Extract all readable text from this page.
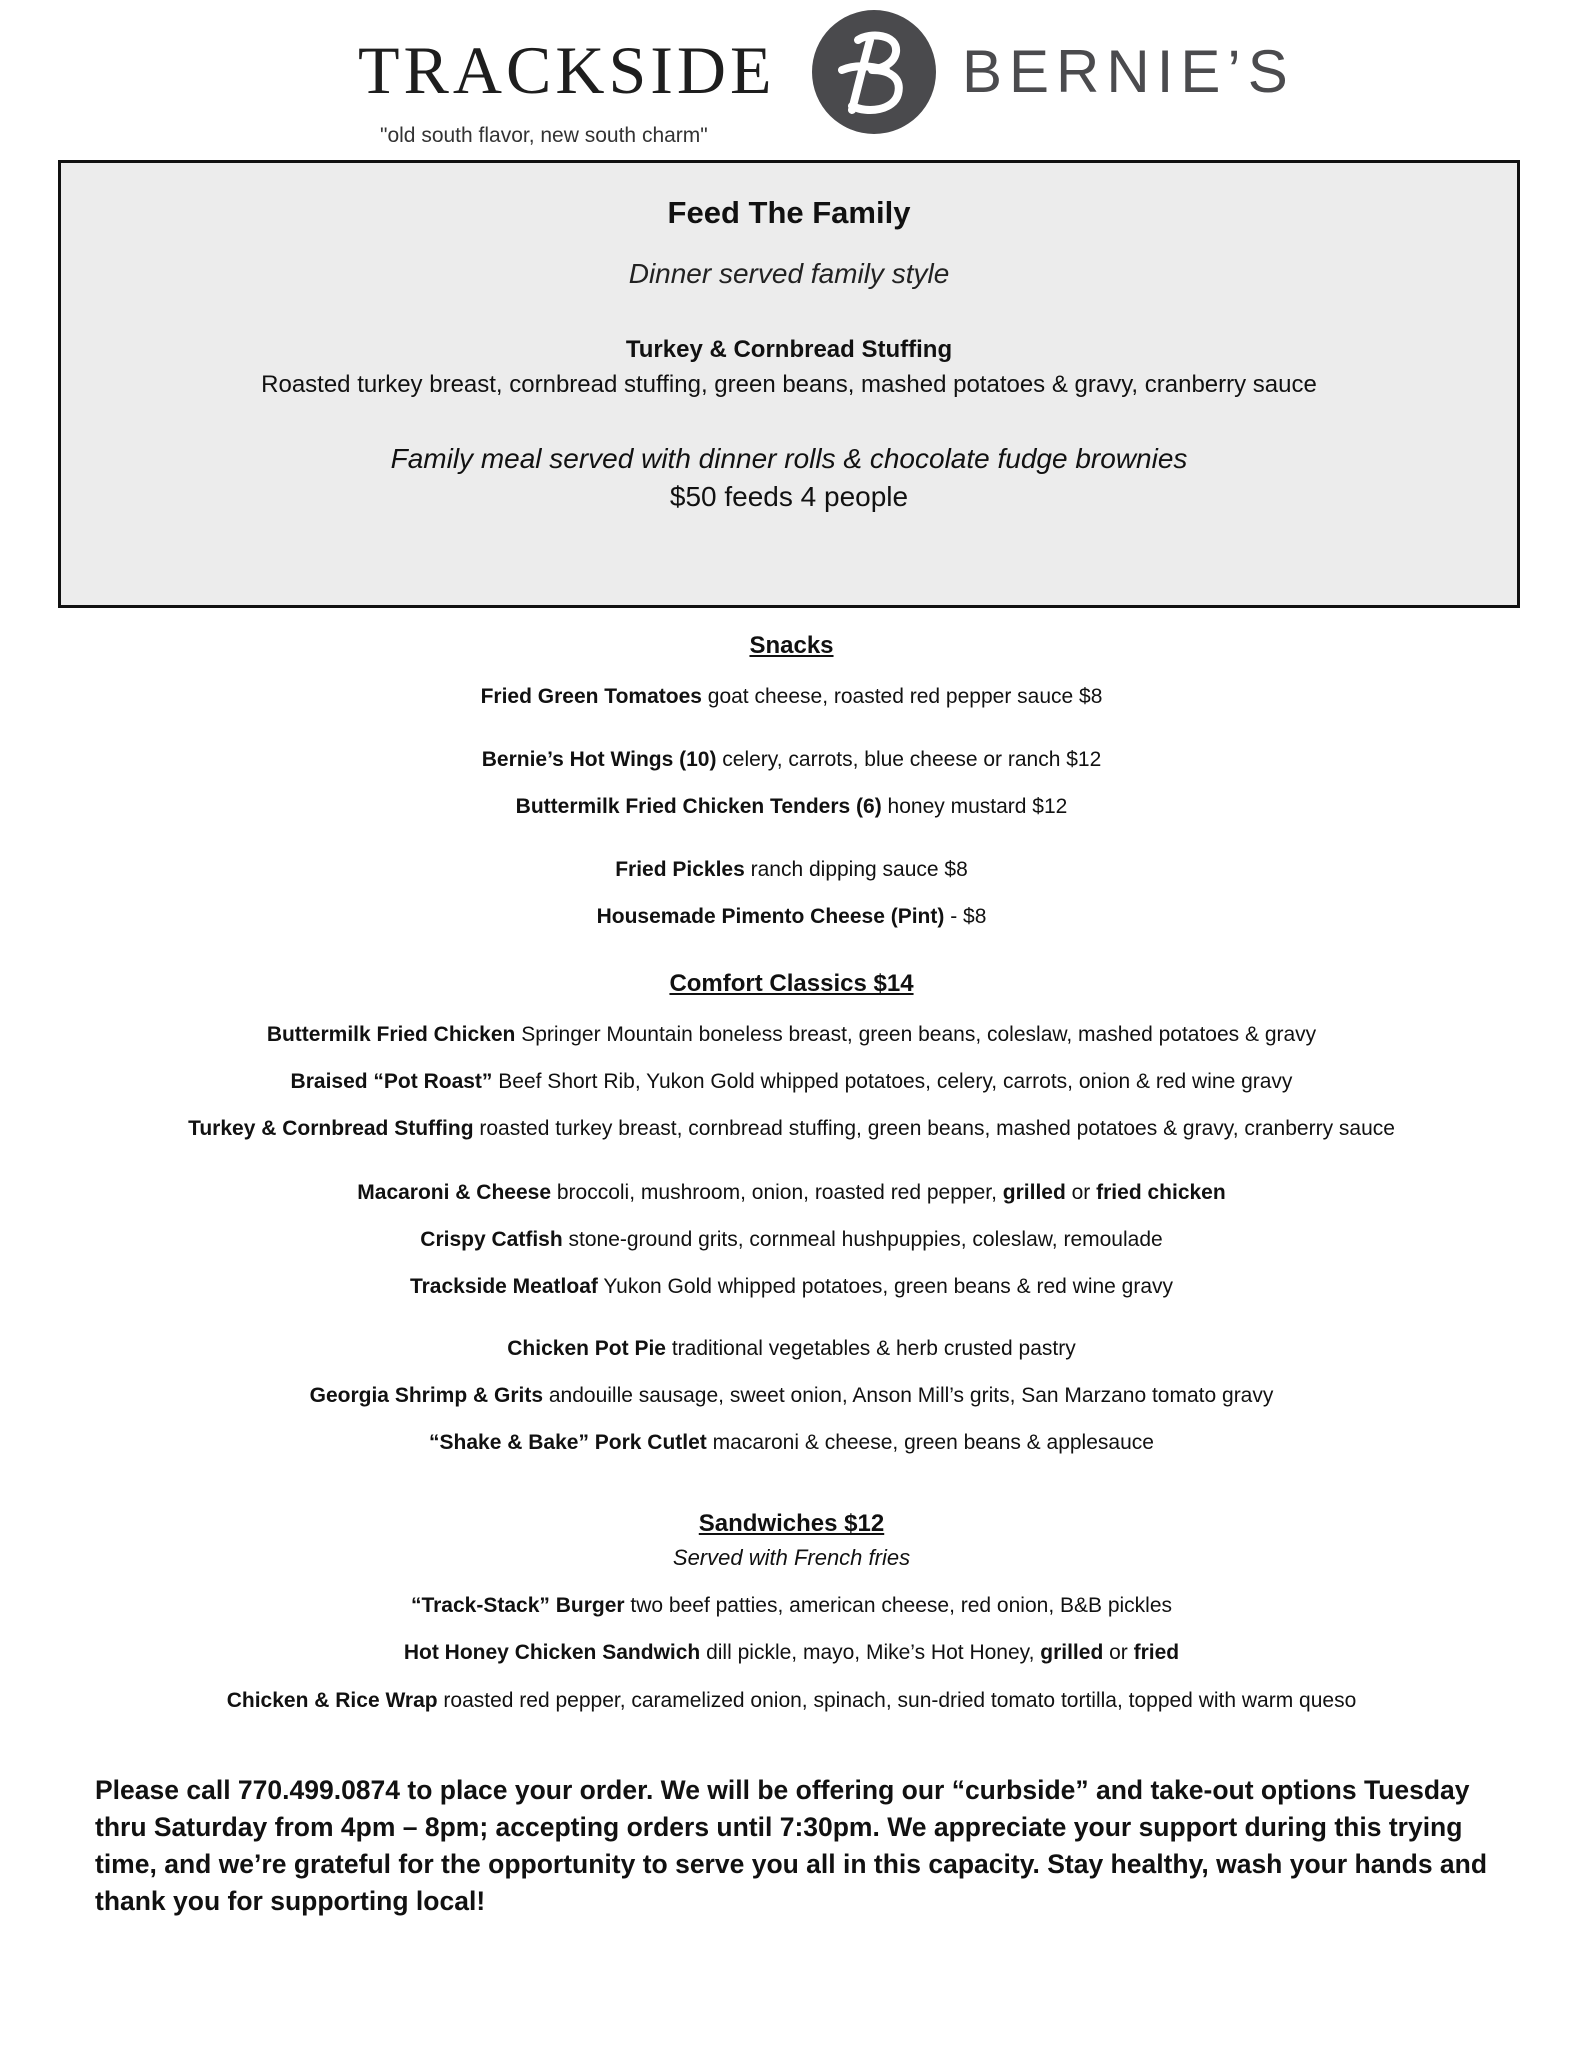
TRACKSIDE
"old south flavor, new south charm"
BERNIE’S
Feed The Family
Dinner served family style
Turkey & Cornbread Stuffing
Roasted turkey breast, cornbread stuffing, green beans, mashed potatoes & gravy, cranberry sauce
Family meal served with dinner rolls & chocolate fudge brownies
$50 feeds 4 people
Snacks
Fried Green Tomatoes goat cheese, roasted red pepper sauce $8
Bernie’s Hot Wings (10) celery, carrots, blue cheese or ranch $12
Buttermilk Fried Chicken Tenders (6) honey mustard $12
Fried Pickles ranch dipping sauce $8
Housemade Pimento Cheese (Pint) - $8
Comfort Classics $14
Buttermilk Fried Chicken Springer Mountain boneless breast, green beans, coleslaw, mashed potatoes & gravy
Braised “Pot Roast” Beef Short Rib, Yukon Gold whipped potatoes, celery, carrots, onion & red wine gravy
Turkey & Cornbread Stuffing roasted turkey breast, cornbread stuffing, green beans, mashed potatoes & gravy, cranberry sauce
Macaroni & Cheese broccoli, mushroom, onion, roasted red pepper, grilled or fried chicken
Crispy Catfish stone-ground grits, cornmeal hushpuppies, coleslaw, remoulade
Trackside Meatloaf Yukon Gold whipped potatoes, green beans & red wine gravy
Chicken Pot Pie traditional vegetables & herb crusted pastry
Georgia Shrimp & Grits andouille sausage, sweet onion, Anson Mill’s grits, San Marzano tomato gravy
“Shake & Bake” Pork Cutlet macaroni & cheese, green beans & applesauce
Sandwiches $12
Served with French fries
“Track-Stack” Burger two beef patties, american cheese, red onion, B&B pickles
Hot Honey Chicken Sandwich dill pickle, mayo, Mike’s Hot Honey, grilled or fried
Chicken & Rice Wrap roasted red pepper, caramelized onion, spinach, sun-dried tomato tortilla, topped with warm queso
Please call 770.499.0874 to place your order. We will be offering our “curbside” and take-out options Tuesday thru Saturday from 4pm – 8pm; accepting orders until 7:30pm. We appreciate your support during this trying time, and we’re grateful for the opportunity to serve you all in this capacity. Stay healthy, wash your hands and thank you for supporting local!
